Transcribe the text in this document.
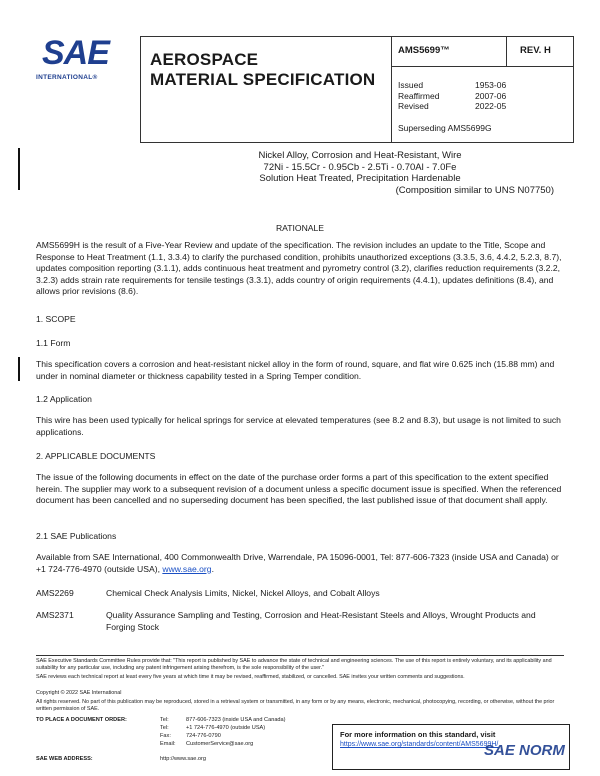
SAE
INTERNATIONAL®
AEROSPACE
MATERIAL SPECIFICATION
AMS5699™	REV. H
Issued	1953-06
Reaffirmed	2007-06
Revised	2022-05
Superseding AMS5699G
Nickel Alloy, Corrosion and Heat-Resistant, Wire
72Ni - 15.5Cr - 0.95Cb - 2.5Ti - 0.70Al - 7.0Fe
Solution Heat Treated, Precipitation Hardenable
(Composition similar to UNS N07750)
RATIONALE
AMS5699H is the result of a Five-Year Review and update of the specification. The revision includes an update to the Title, Scope and Response to Heat Treatment (1.1, 3.3.4) to clarify the purchased condition, prohibits unauthorized exceptions (3.3.5, 3.6, 4.4.2, 5.2.3, 8.7), updates composition reporting (3.1.1), adds continuous heat treatment and pyrometry control (3.2), clarifies reduction requirements (3.2.2, 3.2.3) adds strain rate requirements for tensile testings (3.3.1), adds country of origin requirements (4.4.1), updates definitions (8.4), and allows prior revisions (8.6).
1. SCOPE
1.1 Form
This specification covers a corrosion and heat-resistant nickel alloy in the form of round, square, and flat wire 0.625 inch (15.88 mm) and under in nominal diameter or thickness capability tested in a Spring Temper condition.
1.2 Application
This wire has been used typically for helical springs for service at elevated temperatures (see 8.2 and 8.3), but usage is not limited to such applications.
2. APPLICABLE DOCUMENTS
The issue of the following documents in effect on the date of the purchase order forms a part of this specification to the extent specified herein. The supplier may work to a subsequent revision of a document unless a specific document issue is specified. When the referenced document has been cancelled and no superseding document has been specified, the last published issue of that document shall apply.
2.1 SAE Publications
Available from SAE International, 400 Commonwealth Drive, Warrendale, PA 15096-0001, Tel: 877-606-7323 (inside USA and Canada) or +1 724-776-4970 (outside USA), www.sae.org.
AMS2269	Chemical Check Analysis Limits, Nickel, Nickel Alloys, and Cobalt Alloys
AMS2371	Quality Assurance Sampling and Testing, Corrosion and Heat-Resistant Steels and Alloys, Wrought Products and Forging Stock
SAE Executive Standards Committee Rules provide that: "This report is published by SAE to advance the state of technical and engineering sciences. The use of this report is entirely voluntary, and its applicability and suitability for any particular use, including any patent infringement arising therefrom, is the sole responsibility of the user."
SAE reviews each technical report at least every five years at which time it may be revised, reaffirmed, stabilized, or cancelled. SAE invites your written comments and suggestions.
Copyright © 2022 SAE International
All rights reserved. No part of this publication may be reproduced, stored in a retrieval system or transmitted, in any form or by any means, electronic, mechanical, photocopying, recording, or otherwise, without the prior written permission of SAE.
TO PLACE A DOCUMENT ORDER:	Tel:	877-606-7323 (inside USA and Canada)
Tel:	+1 724-776-4970 (outside USA)
Fax:	724-776-0790
Email: CustomerService@sae.org
SAE WEB ADDRESS:	http://www.sae.org
For more information on this standard, visit
https://www.sae.org/standards/content/AMS5699H/
SAE NORM
